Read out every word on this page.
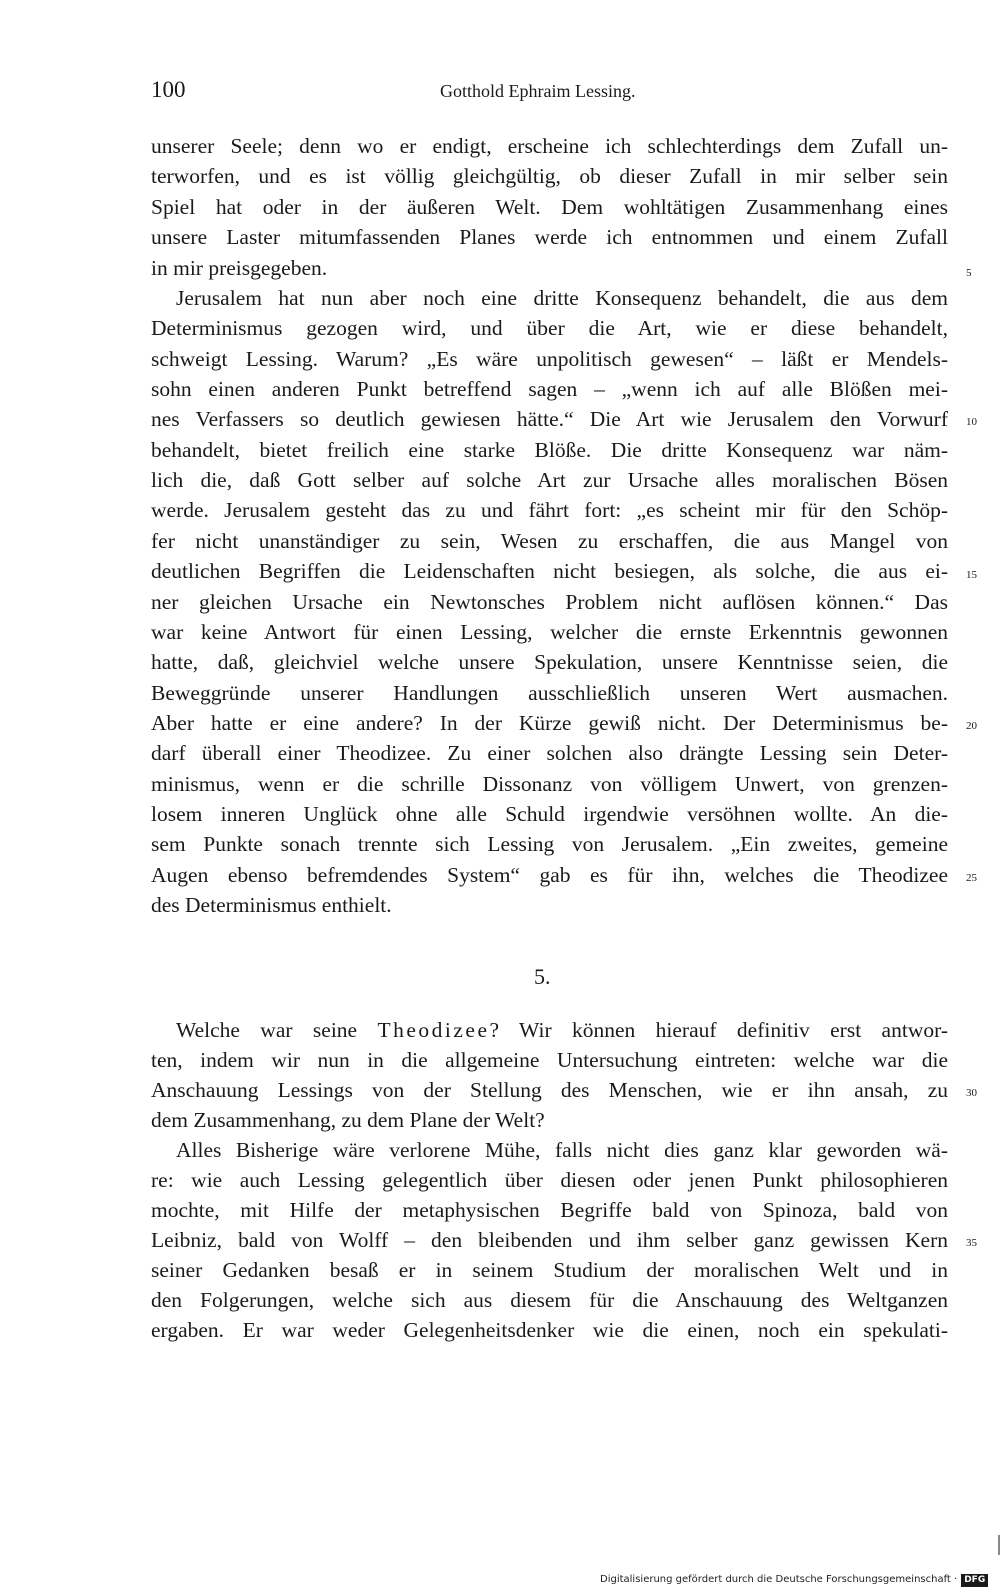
100	Gotthold Ephraim Lessing.
unserer Seele; denn wo er endigt, erscheine ich schlechterdings dem Zufall un-
terworfen, und es ist völlig gleichgültig, ob dieser Zufall in mir selber sein
Spiel hat oder in der äußeren Welt. Dem wohltätigen Zusammenhang eines
unsere Laster mitumfassenden Planes werde ich entnommen und einem Zufall
in mir preisgegeben.
Jerusalem hat nun aber noch eine dritte Konsequenz behandelt, die aus dem
Determinismus gezogen wird, und über die Art, wie er diese behandelt,
schweigt Lessing. Warum? „Es wäre unpolitisch gewesen“ – läßt er Mendels-
sohn einen anderen Punkt betreffend sagen – „wenn ich auf alle Blößen mei-
nes Verfassers so deutlich gewiesen hätte.“ Die Art wie Jerusalem den Vorwurf
behandelt, bietet freilich eine starke Blöße. Die dritte Konsequenz war näm-
lich die, daß Gott selber auf solche Art zur Ursache alles moralischen Bösen
werde. Jerusalem gesteht das zu und fährt fort: „es scheint mir für den Schöp-
fer nicht unanständiger zu sein, Wesen zu erschaffen, die aus Mangel von
deutlichen Begriffen die Leidenschaften nicht besiegen, als solche, die aus ei-
ner gleichen Ursache ein Newtonsches Problem nicht auflösen können.“ Das
war keine Antwort für einen Lessing, welcher die ernste Erkenntnis gewonnen
hatte, daß, gleichviel welche unsere Spekulation, unsere Kenntnisse seien, die
Beweggründe unserer Handlungen ausschließlich unseren Wert ausmachen.
Aber hatte er eine andere? In der Kürze gewiß nicht. Der Determinismus be-
darf überall einer Theodizee. Zu einer solchen also drängte Lessing sein Deter-
minismus, wenn er die schrille Dissonanz von völligem Unwert, von grenzen-
losem inneren Unglück ohne alle Schuld irgendwie versöhnen wollte. An die-
sem Punkte sonach trennte sich Lessing von Jerusalem. „Ein zweites, gemeine
Augen ebenso befremdendes System“ gab es für ihn, welches die Theodizee
des Determinismus enthielt.
5.
Welche war seine Theodizee? Wir können hierauf definitiv erst antwor-
ten, indem wir nun in die allgemeine Untersuchung eintreten: welche war die
Anschauung Lessings von der Stellung des Menschen, wie er ihn ansah, zu
dem Zusammenhang, zu dem Plane der Welt?
Alles Bisherige wäre verlorene Mühe, falls nicht dies ganz klar geworden wä-
re: wie auch Lessing gelegentlich über diesen oder jenen Punkt philosophieren
mochte, mit Hilfe der metaphysischen Begriffe bald von Spinoza, bald von
Leibniz, bald von Wolff – den bleibenden und ihm selber ganz gewissen Kern
seiner Gedanken besaß er in seinem Studium der moralischen Welt und in
den Folgerungen, welche sich aus diesem für die Anschauung des Weltganzen
ergaben. Er war weder Gelegenheitsdenker wie die einen, noch ein spekulati-
5
10
15
20
25
30
35
Digitalisierung gefördert durch die Deutsche Forschungsgemeinschaft · DFG
